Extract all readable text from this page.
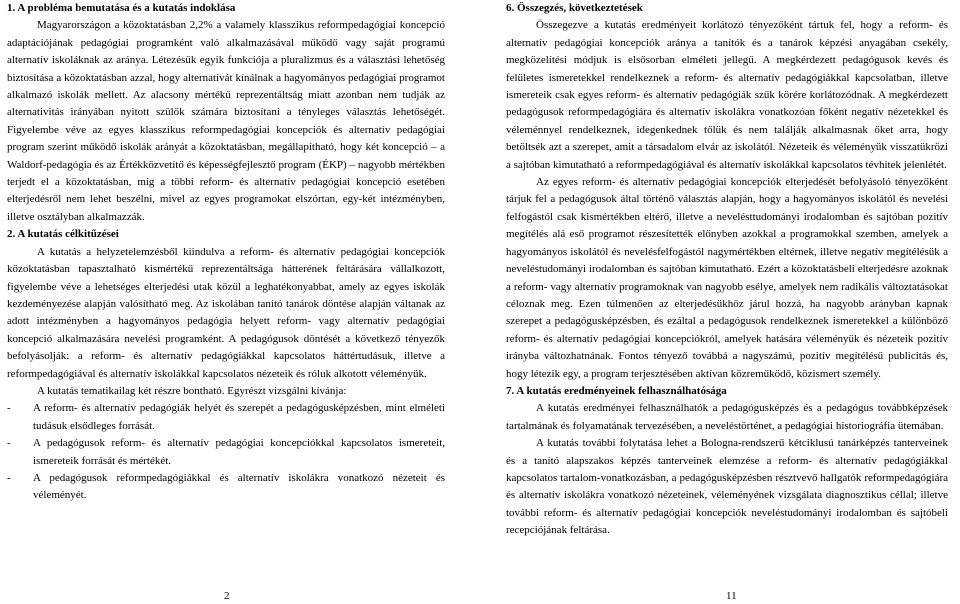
1. A probléma bemutatása és a kutatás indoklása

Magyarországon a közoktatásban 2,2% a valamely klasszikus reformpedagógiai koncepció adaptációjának pedagógiai programként való alkalmazásával működő vagy saját programú alternatív iskoláknak az aránya. Létezésük egyik funkciója a pluralizmus és a választási lehetőség biztosítása a közoktatásban azzal, hogy alternatívát kínálnak a hagyományos pedagógiai programot alkalmazó iskolák mellett. Az alacsony mértékű reprezentáltság miatt azonban nem tudják az alternativitás irányában nyitott szülők számára biztosítani a tényleges választás lehetőségét. Figyelembe véve az egyes klasszikus reformpedagógiai koncepciók és alternatív pedagógiai program szerint működő iskolák arányát a közoktatásban, megállapítható, hogy két koncepció – a Waldorf-pedagógia és az Értékközvetítő és képességfejlesztő program (ÉKP) – nagyobb mértékben terjedt el a közoktatásban, míg a többi reform- és alternatív pedagógiai koncepció esetében elterjedésről nem lehet beszélni, mivel az egyes programokat elszórtan, egy-két intézményben, illetve osztályban alkalmazzák.

2. A kutatás célkitűzései

A kutatás a helyzetelemzésből kiindulva a reform- és alternatív pedagógiai koncepciók közoktatásban tapasztalható kismértékű reprezentáltsága hátterének feltárására vállalkozott, figyelembe véve a lehetséges elterjedési utak közül a leghatékonyabbat, amely az egyes iskolák kezdeményezése alapján valósítható meg. Az iskolában tanító tanárok döntése alapján váltanak az adott intézményben a hagyományos pedagógia helyett reform- vagy alternatív pedagógiai koncepció alkalmazására nevelési programként. A pedagógusok döntését a következő tényezők befolyásolják: a reform- és alternatív pedagógiákkal kapcsolatos háttértudásuk, illetve a reformpedagógiával és alternatív iskolákkal kapcsolatos nézeteik és róluk alkotott véleményük.

A kutatás tematikailag két részre bontható. Egyrészt vizsgálni kívánja:

- A reform- és alternatív pedagógiák helyét és szerepét a pedagógusképzésben, mint elméleti tudásuk elsődleges forrását.
- A pedagógusok reform- és alternatív pedagógiai koncepciókkal kapcsolatos ismereteit, ismereteik forrását és mértékét.
- A pedagógusok reformpedagógiákkal és alternatív iskolákra vonatkozó nézeteit és véleményét.

6. Összegzés, következtetések

Összegezve a kutatás eredményeit korlátozó tényezőként tártuk fel, hogy a reform- és alternatív pedagógiai koncepciók aránya a tanítók és a tanárok képzési anyagában csekély, megközelítési módjuk is elsősorban elméleti jellegű. A megkérdezett pedagógusok kevés és felületes ismeretekkel rendelkeznek a reform- és alternatív pedagógiákkal kapcsolatban, illetve ismereteik csak egyes reform- és alternatív pedagógiák szűk körére korlátozódnak. A megkérdezett pedagógusok reformpedagógiára és alternatív iskolákra vonatkozóan főként negatív nézetekkel és véleménnyel rendelkeznek, idegenkednek tőlük és nem találják alkalmasnak őket arra, hogy betöltsék azt a szerepet, amit a társadalom elvár az iskolától. Nézeteik és véleményük visszatükrözi a sajtóban kimutatható a reformpedagógiával és alternatív iskolákkal kapcsolatos tévhitek jelenlétét.

Az egyes reform- és alternatív pedagógiai koncepciók elterjedését befolyásoló tényezőként tárjuk fel a pedagógusok által történő választás alapján, hogy a hagyományos iskolától és nevelési felfogástól csak kismértékben eltérő, illetve a nevelésttudományi irodalomban és sajtóban pozitív megítélés alá eső programot részesítették előnyben azokkal a programokkal szemben, amelyek a hagyományos iskolától és nevelésfelfogástól nagymértékben eltérnek, illetve negatív megítélésük a neveléstudományi irodalomban és sajtóban kimutatható. Ezért a közoktatásbeli elterjedésre azoknak a reform- vagy alternatív programoknak van nagyobb esélye, amelyek nem radikális változtatásokat céloznak meg. Ezen túlmenően az elterjedésükhöz járul hozzá, ha nagyobb arányban kapnak szerepet a pedagógusképzésben, és ezáltal a pedagógusok rendelkeznek ismeretekkel a különböző reform- és alternatív pedagógiai koncepciókról, amelyek hatására véleményük és nézeteik pozitív irányba változhatnának. Fontos tényező továbbá a nagyszámú, pozitív megítélésű publicitás és, hogy létezik egy, a program terjesztésében aktívan közreműködő, közismert személy.

7. A kutatás eredményeinek felhasználhatósága

A kutatás eredményei felhasználhatók a pedagógusképzés és a pedagógus továbbképzések tartalmának és folyamatának tervezésében, a neveléstörténet, a pedagógiai historiográfia ütemában.

A kutatás további folytatása lehet a Bologna-rendszerű kétciklusú tanárképzés tanterveinek és a tanító alapszakos képzés tanterveinek elemzése a reform- és alternatív pedagógiákkal kapcsolatos tartalom-vonatkozásban, a pedagógusképzésben résztvevő hallgatók reformpedagógiára és alternatív iskolákra vonatkozó nézeteinek, véleményének vizsgálata diagnosztikus céllal; illetve további reform- és alternatív pedagógiai koncepciók neveléstudományi irodalomban és sajtóbeli recepciójának feltárása.

2	11
